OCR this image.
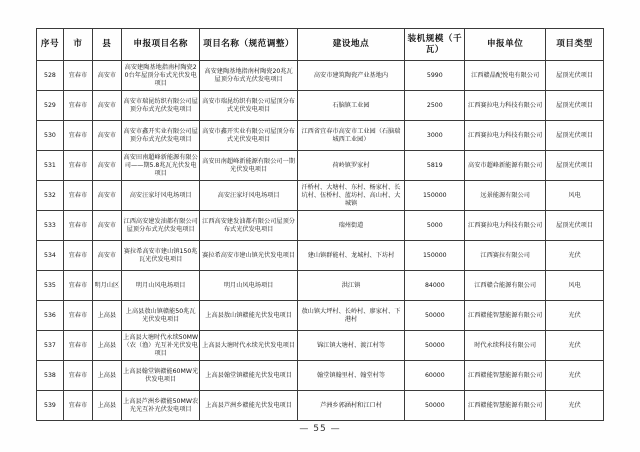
序号	市	县	申报项目名称	项目名称（规范调整）	建设地点	装机规模（千瓦）	申报单位	项目类型
528	宜春市	高安市	高安建陶基地指南村陶瓷20台年屋顶分布式光伏发电项目	高安建陶基地指南村陶瓷20兆瓦屋顶分布式光伏发电项目	高安市建筑陶瓷产业基地内	5990	江西赣晶配悦电有限公司	屋顶光伏项目
529	宜春市	高安市	高安市瑞昆纺织有限公司屋顶分布式光伏发电项目	高安市瑞昆纺织有限公司屋顶分布式光伏发电项目	石脑镇工业园	2500	江西赛拉电力科技有限公司	屋顶光伏项目
530	宜春市	高安市	高安市鑫开实业有限公司屋顶分布式光伏发电项目	高安市鑫开实业有限公司屋顶分布式光伏发电项目	江西省宜春市高安市工业园（石脑瑞城西工业园）	3000	江西赛拉电力科技有限公司	屋顶光伏项目
531	宜春市	高安市	高安田南超峰新能源有限公司——期5.8兆瓦光伏发电项目	高安田南超峰新能源有限公司一期光伏发电项目	荷岭镇罗家村	5819	高安市超峰新能源有限公司	屋顶光伏项目
532	宜春市	高安市	高安汪家圩风电场项目	高安汪家圩风电场项目	汗桥村、大塘村、东村、杨家村、长坑村、伍桥村、蓝坊村、高山村、大城镇	150000	远景能源有限公司	风电
533	宜春市	高安市	江西高安建发油都有限公司屋顶分布式光伏发电项目	江西高安建发油都有限公司屋顶分布式光伏发电项目	瑞州街道	5000	江西赛拉电力科技有限公司	屋顶光伏项目
534	宜春市	高安市	赛拉希高安市建山镇150兆瓦光伏发电项目	赛拉希高安市建山镇光伏发电项目	建山镇群能村、龙城村、下坊村	150000	江西赛拉有限公司	光伏
535	宜春市	明月山区	明月山风电场项目	明月山风电场项目	洪江镇	84000	江西赣合能源有限公司	风电
536	宜春市	上高县	上高县敖山镇赣能50兆瓦光伏发电项目	上高县敖山镇赣能光伏发电项目	敖山镇大坪村、长岭村、廖家村、下港村	50000	江西赣能智慧能源有限公司	光伏
537	宜春市	上高县	上高县大塘时代永续50MW（农（渔）光互补光伏发电项目	上高县大塘时代永续光伏发电项目	锦江镇大塘村、渡江村等	50000	时代永续科技有限公司	光伏
538	宜春市	上高县	上高县翰堂镇赣能60MW光伏发电项目	上高县翰堂镇赣能光伏发电项目	翰堂镇翰里村、翰堂村等	60000	江西赣能智慧能源有限公司	光伏
539	宜春市	上高县	上高县芦洲乡赣能50MW农光光互补光伏发电项目	上高县芦洲乡赣能光伏发电项目	芦洲乡郭涵村和江口村	50000	江西赣能智慧能源有限公司	光伏
— 55 —
